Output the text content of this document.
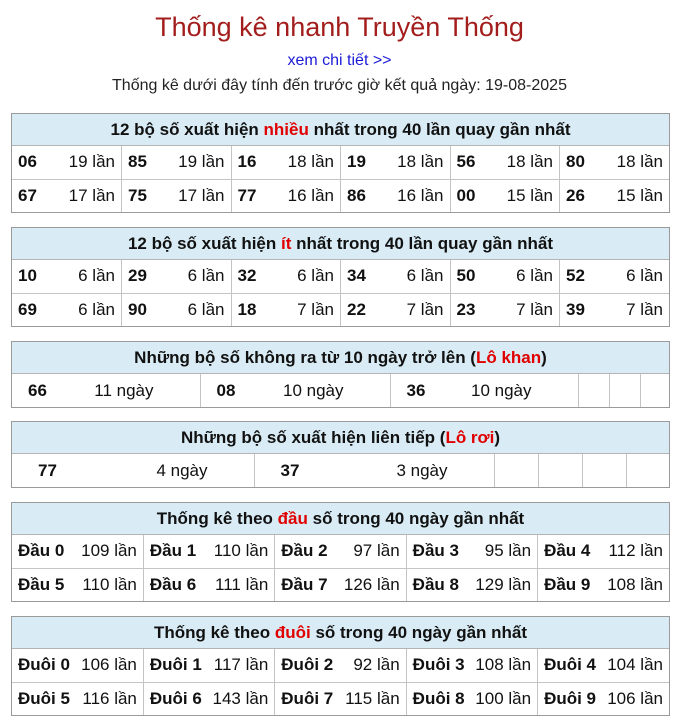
Thống kê nhanh Truyền Thống
xem chi tiết >>
Thống kê dưới đây tính đến trước giờ kết quả ngày: 19-08-2025
12 bộ số xuất hiện nhiều nhất trong 40 lần quay gần nhất
06 19 lần	85 19 lần	16 18 lần	19 18 lần	56 18 lần	80 18 lần

67 17 lần	75 17 lần	77 16 lần	86 16 lần	00 15 lần	26 15 lần
12 bộ số xuất hiện ít nhất trong 40 lần quay gần nhất
10 6 lần	29 6 lần	32 6 lần	34 6 lần	50 6 lần	52 6 lần

69 6 lần	90 6 lần	18 7 lần	22 7 lần	23 7 lần	39 7 lần
Những bộ số không ra từ 10 ngày trở lên (Lô khan)
66	11 ngày	08	10 ngày	36	10 ngày

Những bộ số xuất hiện liên tiếp (Lô rơi)
77	4 ngày	37	3 ngày

Thống kê theo đầu số trong 40 ngày gần nhất
Đầu 0 109 lần	Đầu 1 110 lần	Đầu 2 97 lần	Đầu 3 95 lần	Đầu 4 112 lần

Đầu 5 110 lần	Đầu 6 111 lần	Đầu 7 126 lần	Đầu 8 129 lần	Đầu 9 108 lần
Thống kê theo đuôi số trong 40 ngày gần nhất
Đuôi 0 106 lần	Đuôi 1 117 lần	Đuôi 2 92 lần	Đuôi 3 108 lần	Đuôi 4 104 lần

Đuôi 5 116 lần	Đuôi 6 143 lần	Đuôi 7 115 lần	Đuôi 8 100 lần	Đuôi 9 106 lần
